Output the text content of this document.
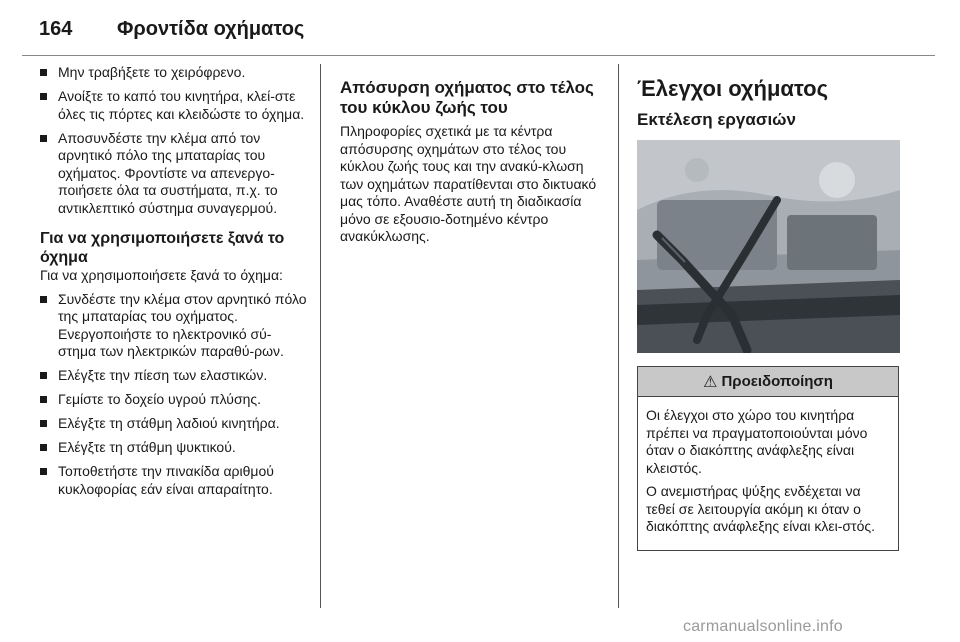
164 Φροντίδα οχήματος
Μην τραβήξετε το χειρόφρενο.
Ανοίξτε το καπό του κινητήρα, κλεί-στε όλες τις πόρτες και κλειδώστε το όχημα.
Αποσυνδέστε την κλέμα από τον αρνητικό πόλο της μπαταρίας του οχήματος. Φροντίστε να απενεργο-ποιήσετε όλα τα συστήματα, π.χ. το αντικλεπτικό σύστημα συναγερμού.
Για να χρησιμοποιήσετε ξανά το όχημα

Για να χρησιμοποιήσετε ξανά το όχημα:

Συνδέστε την κλέμα στον αρνητικό πόλο της μπαταρίας του οχήματος. Ενεργοποιήστε το ηλεκτρονικό σύ-στημα των ηλεκτρικών παραθύ-ρων.
Ελέγξτε την πίεση των ελαστικών.
Γεμίστε το δοχείο υγρού πλύσης.
Ελέγξτε τη στάθμη λαδιού κινητήρα.
Ελέγξτε τη στάθμη ψυκτικού.
Τοποθετήστε την πινακίδα αριθμού κυκλοφορίας εάν είναι απαραίτητο.
Απόσυρση οχήματος στο τέλος του κύκλου ζωής του

Πληροφορίες σχετικά με τα κέντρα απόσυρσης οχημάτων στο τέλος του κύκλου ζωής τους και την ανακύ-κλωση των οχημάτων παρατίθενται στο δικτυακό μας τόπο. Αναθέστε αυτή τη διαδικασία μόνο σε εξουσιο-δοτημένο κέντρο ανακύκλωσης.

Έλεγχοι οχήματος
Εκτέλεση εργασιών
⚠ Προειδοποίηση

Οι έλεγχοι στο χώρο του κινητήρα πρέπει να πραγματοποιούνται μόνο όταν ο διακόπτης ανάφλεξης είναι κλειστός.

Ο ανεμιστήρας ψύξης ενδέχεται να τεθεί σε λειτουργία ακόμη κι όταν ο διακόπτης ανάφλεξης είναι κλει-στός.

carmanualsonline.info
